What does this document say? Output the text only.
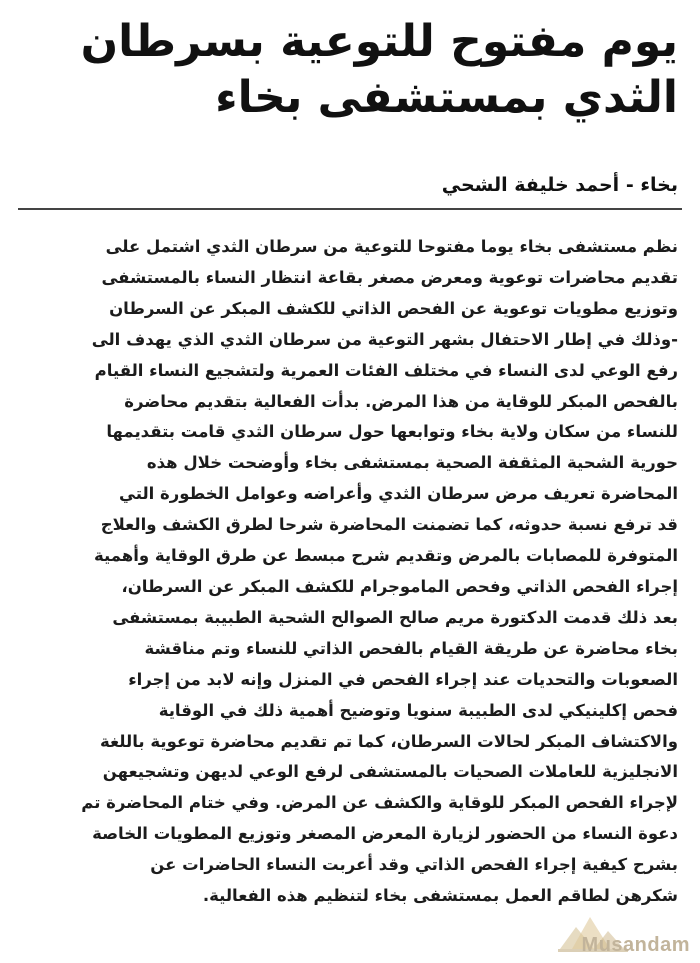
يوم مفتوح للتوعية بسرطان
الثدي بمستشفى بخاء
بخاء - أحمد خليفة الشحي
نظم مستشفى بخاء يوما مفتوحا للتوعية من سرطان الثدي اشتمل على
تقديم محاضرات توعوية ومعرض مصغر بقاعة انتظار النساء بالمستشفى
وتوزيع مطويات توعوية عن الفحص الذاتي للكشف المبكر عن السرطان
-وذلك في إطار الاحتفال بشهر التوعية من سرطان الثدي الذي يهدف الى
رفع الوعي لدى النساء في مختلف الفئات العمرية ولتشجيع النساء القيام
بالفحص المبكر للوقاية من هذا المرض. بدأت الفعالية بتقديم محاضرة
للنساء من سكان ولاية بخاء وتوابعها حول سرطان الثدي قامت بتقديمها
حورية الشحية المثقفة الصحية بمستشفى بخاء وأوضحت خلال هذه
المحاضرة تعريف مرض سرطان الثدي وأعراضه وعوامل الخطورة التي
قد ترفع نسبة حدوثه، كما تضمنت المحاضرة شرحا لطرق الكشف والعلاج
المتوفرة للمصابات بالمرض وتقديم شرح مبسط عن طرق الوقاية وأهمية
إجراء الفحص الذاتي وفحص الماموجرام للكشف المبكر عن السرطان،
بعد ذلك قدمت الدكتورة مريم صالح الصوالح الشحية الطبيبة بمستشفى
بخاء محاضرة عن طريقة القيام بالفحص الذاتي للنساء وتم مناقشة
الصعوبات والتحديات عند إجراء الفحص في المنزل وإنه لابد من إجراء
فحص إكلينيكي لدى الطبيبة سنويا وتوضيح أهمية ذلك في الوقاية
والاكتشاف المبكر لحالات السرطان، كما تم تقديم محاضرة توعوية باللغة
الانجليزية للعاملات الصحيات بالمستشفى لرفع الوعي لديهن وتشجيعهن
لإجراء الفحص المبكر للوقاية والكشف عن المرض. وفي ختام المحاضرة تم
دعوة النساء من الحضور لزيارة المعرض المصغر وتوزيع المطويات الخاصة
بشرح كيفية إجراء الفحص الذاتي وقد أعربت النساء الحاضرات عن
شكرهن لطاقم العمل بمستشفى بخاء لتنظيم هذه الفعالية.
Musandam
